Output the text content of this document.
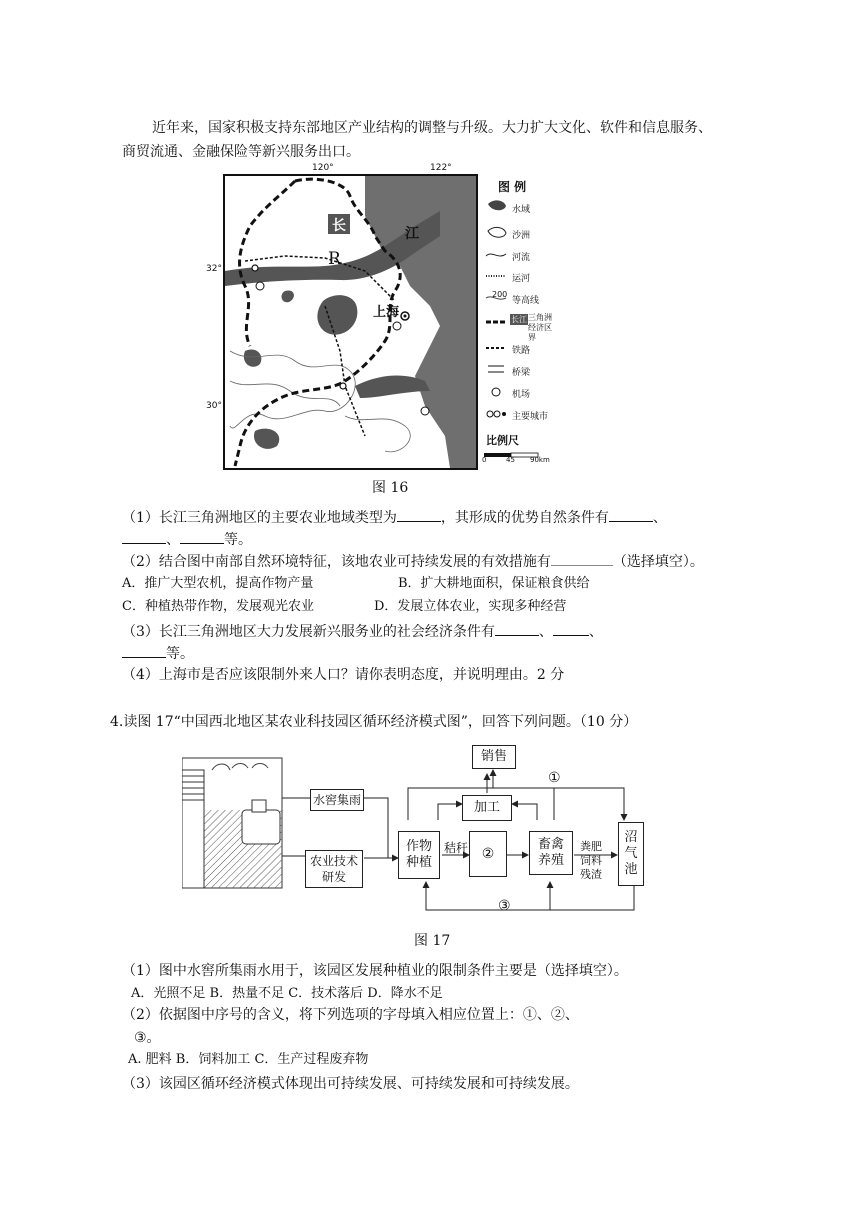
近年来，国家积极支持东部地区产业结构的调整与升级。大力扩大文化、软件和信息服务、
商贸流通、金融保险等新兴服务出口。
120°	122°
32°
30°
长	江
R
上海
图 例
水域
沙洲
河流
运河
200
等高线
长江 三角洲经济区界
铁路
桥梁
机场
主要城市
比例尺
0	45 90km
图 16
（1）长江三角洲地区的主要农业地域类型为	，其形成的优势自然条件有	、
、	等。
（2）结合图中南部自然环境特征，该地农业可持续发展的有效措施有	（选择填空）。
A．推广大型农机，提高作物产量	B．扩大耕地面积，保证粮食供给
C．种植热带作物，发展观光农业	D．发展立体农业，实现多种经营
（3）长江三角洲地区大力发展新兴服务业的社会经济条件有	、	、
等。
（4）上海市是否应该限制外来人口？请你表明态度，并说明理由。2 分
4.读图 17“中国西北地区某农业科技园区循环经济模式图”，回答下列问题。（10 分）
销售
①
加工
水窖集雨
农业技术研发
作物种植
秸秆 ②
畜禽养殖
粪肥
饲料残渣
沼气池
③
图 17
（1）图中水窖所集雨水用于，该园区发展种植业的限制条件主要是（选择填空）。
A．光照不足 B．热量不足 C．技术落后 D．降水不足
（2）依据图中序号的含义，将下列选项的字母填入相应位置上：①、②、
③。
A. 肥料 B．饲料加工 C．生产过程废弃物
（3）该园区循环经济模式体现出可持续发展、可持续发展和可持续发展。
